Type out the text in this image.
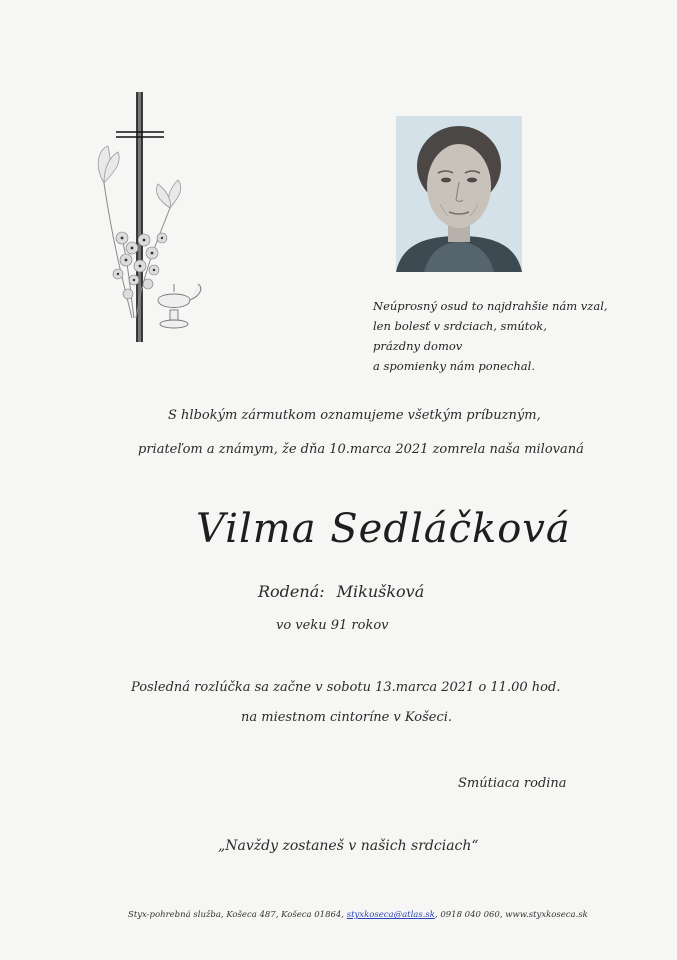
Neúprosný osud to najdrahšie nám vzal,
len bolesť v srdciach, smútok,
prázdny domov
a spomienky nám ponechal.
S hlbokým zármutkom oznamujeme všetkým príbuzným,
priateľom a známym, že dňa 10.marca 2021 zomrela naša milovaná
Vilma Sedláčková
Rodená: Mikušková
vo veku 91 rokov
Posledná rozlúčka sa začne v sobotu 13.marca 2021 o 11.00 hod.
na miestnom cintoríne v Košeci.
Smútiaca rodina
„Navždy zostaneš v našich srdciach“
Styx-pohrebná služba, Košeca 487, Košeca 01864, styxkoseca@atlas.sk, 0918 040 060, www.styxkoseca.sk
